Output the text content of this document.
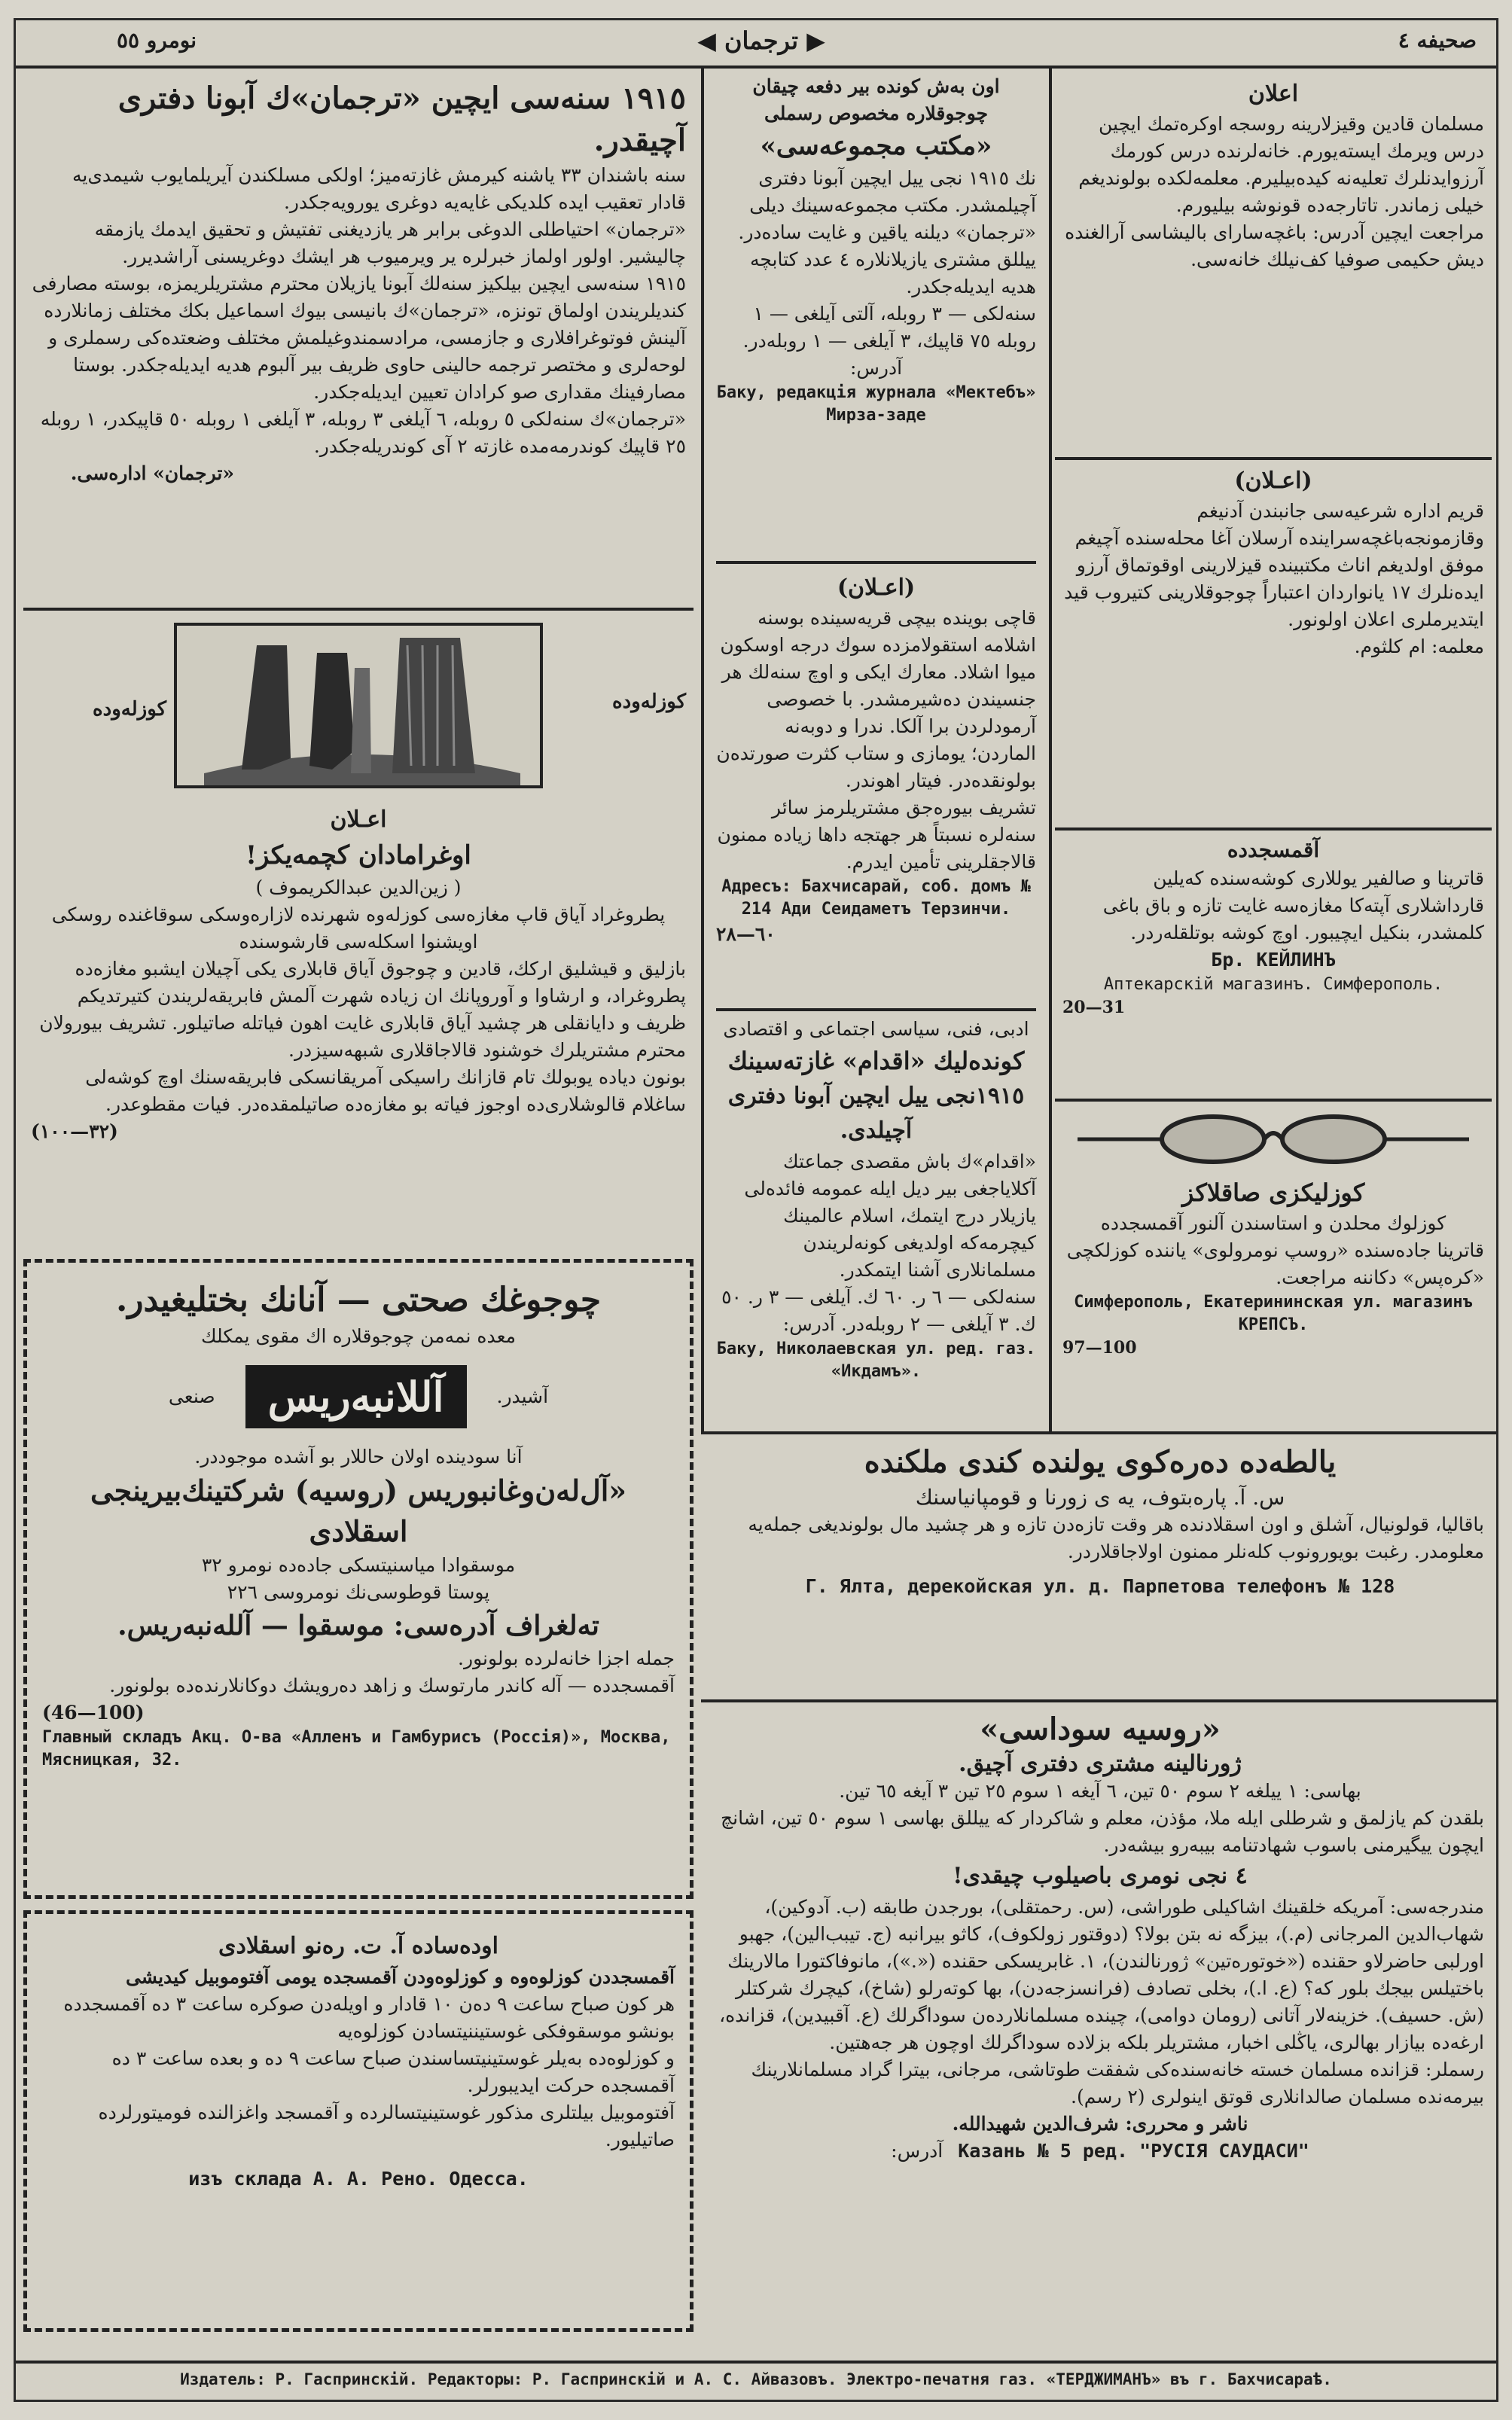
صحیفه ٤
◀ ترجمان ▶
نومرو ٥٥
١٩١٥ سنه‌سی ایچین «ترجمان»ك آبونا دفتری آچیقدر.

سنه باشندان ٣٣ یاشنه کیرمش غازته‌میز؛ اولکی مسلکندن آیریلمایوب شیمدی‌یه قادار تعقیب ایده کلدیکی غایه‌یه دوغری یورویه‌جکدر.

«ترجمان» احتیاطلی الدوغی برابر هر یازدیغنی تفتیش و تحقیق ایدمك یازمقه چالیشیر. اولور اولماز خبرلره یر ویرمیوب هر ایشك دوغریسنی آراشدیرر.

١٩١٥ سنه‌سی ایچین بیلکیز سنه‌لك آبونا یازیلان محترم مشتریلریمزه، بوسته مصارفی کندیلریندن اولماق تونزه، «ترجمان»ك بانیسی بیوك اسماعیل بکك مختلف زمانلارده آلینش فوتوغرافلاری و جازمسی، مرادسمندوغیلمش مختلف وضعتده‌کی رسملری و لوحه‌لری و مختصر ترجمه حالینی حاوی ظریف بیر آلبوم هدیه ایدیله‌جکدر. بوستا مصارفینك مقداری صو کرادان تعیین ایدیله‌جکدر.

«ترجمان»ك سنه‌لکی ٥ روبله، ٦ آیلغی ٣ روبله، ٣ آیلغی ١ روبله ٥٠ قاپیکدر، ١ روبله ٢٥ قاپیك کوندرمه‌مده غازته ٢ آی کوندریله‌جکدر.

«ترجمان» اداره‌سی.

کوزله‌وده
کوزله‌وده
اعـلان
اوغرامادان کچمه‌یکز!

( زین‌الدین عبدالکریموف )

پطروغراد آیاق قاپ مغازه‌سی کوزله‌وه شهرنده لازاره‌وسکی سوقاغنده روسکی اویشنوا اسکله‌سی قارشوسنده

بازلیق و قیشلیق ارکك، قادین و چوجوق آیاق قابلاری یکی آچیلان ایشبو مغازه‌ده پطروغراد، و ارشاوا و آوروپانك ان زیاده شهرت آلمش فابریقه‌لریندن کتیرتدیکم ظریف و دایانقلی هر چشید آیاق قابلاری غایت اهون فیاتله صاتیلور. تشریف بیورولان محترم مشتریلرك خوشنود قالاجاقلاری شبهه‌سیزدر.

بونون دیاده یوبولك تام قازانك راسیکی آمریقانسکی فابریقه‌سنك اوچ کوشه‌لی ساغلام قالوشلاری‌ده اوجوز فیاته بو مغازه‌ده صاتیلمقده‌در. فیات مقطوعدر.

(٣٢—١٠٠)

چوجوغك صحتی — آنانك بختلیغیدر.

معده نمه‌من چوجوقلاره اك مقوی یمکلك

صنعی	آللانبه‌ریس	آشیدر.

آنا سودینده اولان حاللار بو آشده موجوددر.

«آل‌له‌ن‌وغانبوریس (روسیه) شرکتینك‌بیرینجی اسقلادی

موسقوادا میاسنیتسکی جاده‌ده نومرو ٣٢

پوستا قوطوسی‌نك نومروسی ٢٢٦

تەلغراف آدره‌سی: موسقوا — آللەنبه‌ریس.

جمله اجزا خانه‌لرده بولونور.

آقمسجدده — آله کاندر مارتوسك و زاهد ده‌رویشك دوکانلارنده‌ده بولونور.

(46—100)

Главный складъ Акц. О-ва «Алленъ и Гамбурисъ (Россія)», Москва, Мясницкая, 32.

اوده‌ساده آ. ت. رەنو اسقلادی

آقمسجددن کوزلوه‌وه و کوزلوه‌ودن آقمسجده یومی آفتوموبیل کیدیشی

هر کون صباح ساعت ٩ دەن ١٠ قادار و اویله‌دن صوکره ساعت ٣ ده آقمسجدده بونشو موسقوفکی غوستیننیتسادن کوزلوه‌یه

و کوزلوه‌ده بەیلر غوستینیتساسندن صباح ساعت ٩ ده و بعده ساعت ٣ ده آقمسجده حرکت ایدیبورلر.

آفتوموبیل بیلتلری مذکور غوستینیتسالرده و آقمسجد واغزالنده فومیتورلرده صاتیلیور.

изъ склада А. А. Рено. Одесса.

اون بەش کونده بیر دفعه چیقان

چوجوقلاره مخصوص رسملی

«مکتب مجموعه‌سی»

نك ١٩١٥ نجی ییل ایچین آبونا دفتری آچیلمشدر. مکتب مجموعه‌سینك دیلی «ترجمان» دیلنه یاقین و غایت ساده‌در. ییللق مشتری یازیلانلاره ٤ عدد کتابچه هدیه ایدیله‌جکدر.

سنه‌لکی — ٣ روبله، آلتی آیلغی — ١ روبله ٧٥ قاپیك، ٣ آیلغی — ١ روبله‌در.

آدرس:

Баку, редакція журнала «Мектебъ» Мирза-заде

(اعـلان)

قاچی بوینده بیچی قریه‌سینده بوسنه اشلامه استقولامزده سوك درجه اوسکون میوا اشلاد. معارك ایکی و اوچ سنه‌لك هر جنسیندن ده‌شیرمشدر. با خصوصی آرمودلردن برا آلکا. ندرا و دوبه‌نه الماردن؛ یومازی و ستاب کثرت صورتده‌ن بولونقده‌در. فیتار اهوندر.

تشریف بیوره‌جق مشتریلرمز سائر سنه‌لره نسبتاً هر جهتجه داها زیاده ممنون قالاجقلرینی تأمین ایدرم.

Адресъ: Бахчисарай, соб. домъ № 214 Ади Сеидаметъ Терзинчи.

٦٠—٢٨

ادبی، فنی، سیاسی اجتماعی و اقتصادی

کونده‌لیك «اقدام» غازته‌سینك
١٩١٥نجی ییل ایچین آبونا دفتری آچیلدی.

«اقدام»ك باش مقصدی جماعتك آکلایاجغی بیر دیل ایله عمومه فائده‌لی یازیلار درج ایتمك، اسلام عالمینك کیچرمه‌که اولدیغی کونه‌لریندن مسلمانلاری آشنا ایتمکدر.

سنه‌لکی — ٦ ر. ٦٠ ك. آیلغی — ٣ ر. ٥٠ ك. ٣ آیلغی — ٢ روبله‌در. آدرس:

Баку, Николаевская ул. ред. газ. «Икдамъ».

اعلان

مسلمان قادین وقیزلارینه روسجه اوکره‌تمك ایچین درس ویرمك ایسته‌یورم. خانه‌لرنده درس کورمك آرزوایدنلرك تعلیه‌نه کیده‌بیلیرم. معلمه‌لکده بولوندیغم خیلی زماندر. تاتارجه‌ده قونوشه بیلیورم.

مراجعت ایچین آدرس: باغچه‌سارای بالیشاسی آرالغنده دیش حکیمی صوفیا کف‌نیلك خانه‌سی.

(اعـلان)

قریم اداره شرعیه‌سی جانبندن آدنیغم وقازمونجه‌باغچه‌سراینده آرسلان آغا محله‌سنده آچیغم موفق اولدیغم اناث مکتبینده قیزلارینی اوقوتماق آرزو ایده‌نلرك ١٧ یانواردان اعتباراً چوجوقلارینی کتیروب قید ایتدیرملری اعلان اولونور.

معلمه: ام کلثوم.

آقمسجدده

قاترینا و صالفیر یوللاری کوشه‌سنده که‌یلین قاردا‌شلاری آپتەکا مغازه‌سه غایت تازه و باق باغی کلمشدر، بنکیل ایچیبور. اوچ کوشه بوتلقله‌ردر.

Бр. КЕЙЛИНЪ

Аптекарскій магазинъ. Симферополь.

20—31

کوزلیکزی صاقلاکز

کوزلوك محلدن و استاسندن آلنور آقمسجدده

قاترینا جاده‌سنده «روسپ نومرولوی» یاننده کوزلکچی «کرەپس» دکاننه مراجعت.

Симферополь, Екатерининская ул. магазинъ КРЕПСЪ.

97—100

یالطه‌ده ده‌ره‌کوی یولنده کندی ملکنده

س. آ. پاره‌بتوف، یه ی زورنا و قومپانیاسنك

باقالیا، قولونیال، آشلق و اون اسقلادنده هر وقت تازەدن تازه و هر چشید مال بولوندیغی جمله‌یه معلومدر. رغبت بویورونوب کلەنلر ممنون اولاجاقلاردر.

Г. Ялта, дерекойская ул. д. Парпетова телефонъ № 128

«روسیه سوداسی»

ژورنالینه مشتری دفتری آچیق.

بهاسی: ١ ییلغه ٢ سوم ٥٠ تین، ٦ آیغه ١ سوم ٢٥ تین ٣ آیغه ٦٥ تین.

بلقدن کم یازلمق و شرطلی ایله ملا، مؤذن، معلم و شاکردار که ییللق بهاسی ١ سوم ٥٠ تین، اشانچ ایچون ییگیرمنی باسوب شهادتنامه بیبه‌رو بیشه‌در.

٤ نجی نومری باصیلوب چیقدی!

مندرجه‌سی: آمریکه خلقینك اشاکیلی طوراشی، (س. رحمتقلی)، بورجدن طابقه (ب. آدوکین)، شهاب‌الدین المرجانی (م.)، بیزگه نه بتن بولا؟ (دوقتور زولکوف)، کاثو بیرانبه (ج. تیبب‌الین)، جهبو اورلبی حاضرلاو حقنده («خوتورەتین» ژورنالندن)، ١. غابریسکی حقنده («.»)، مانوفاکتورا مالارینك باختیلس بیجك بلور که؟ (ع. ا.)، بخلی تصادف (فرانسزجه‌دن)، بها کوتەرلو (شاخ)، کیچرك شرکتلر (ش. حسیف). خزینه‌لار آتانی (رومان دوامی)، چینده مسلمانلارده‌ن سوداگرلك (ع. آقبیدین)، قزانده، ارغەده بیازار بهالری، یاڭلی اخبار، مشتریلر بلکه بزلاده سوداگرلك اوچون هر جەهتین.

رسملر: قزانده مسلمان خسته خانەسنده‌کی شفقت طوتاشی، مرجانی، بیترا گراد مسلمانلارینك بیرمه‌نده مسلمان صالدانلاری قوتق اینولری (٢ رسم).

ناشر و محرری: شرف‌الدین شهیدالله.

آدرس: Казань № 5 ред. "РУСІЯ САУДАСИ"
Издатель: Р. Гаспринскій. Редакторы: Р. Гаспринскій и А. С. Айвазовъ. Электро-печатня газ. «ТЕРДЖИМАНЪ» въ г. Бахчисараѣ.
